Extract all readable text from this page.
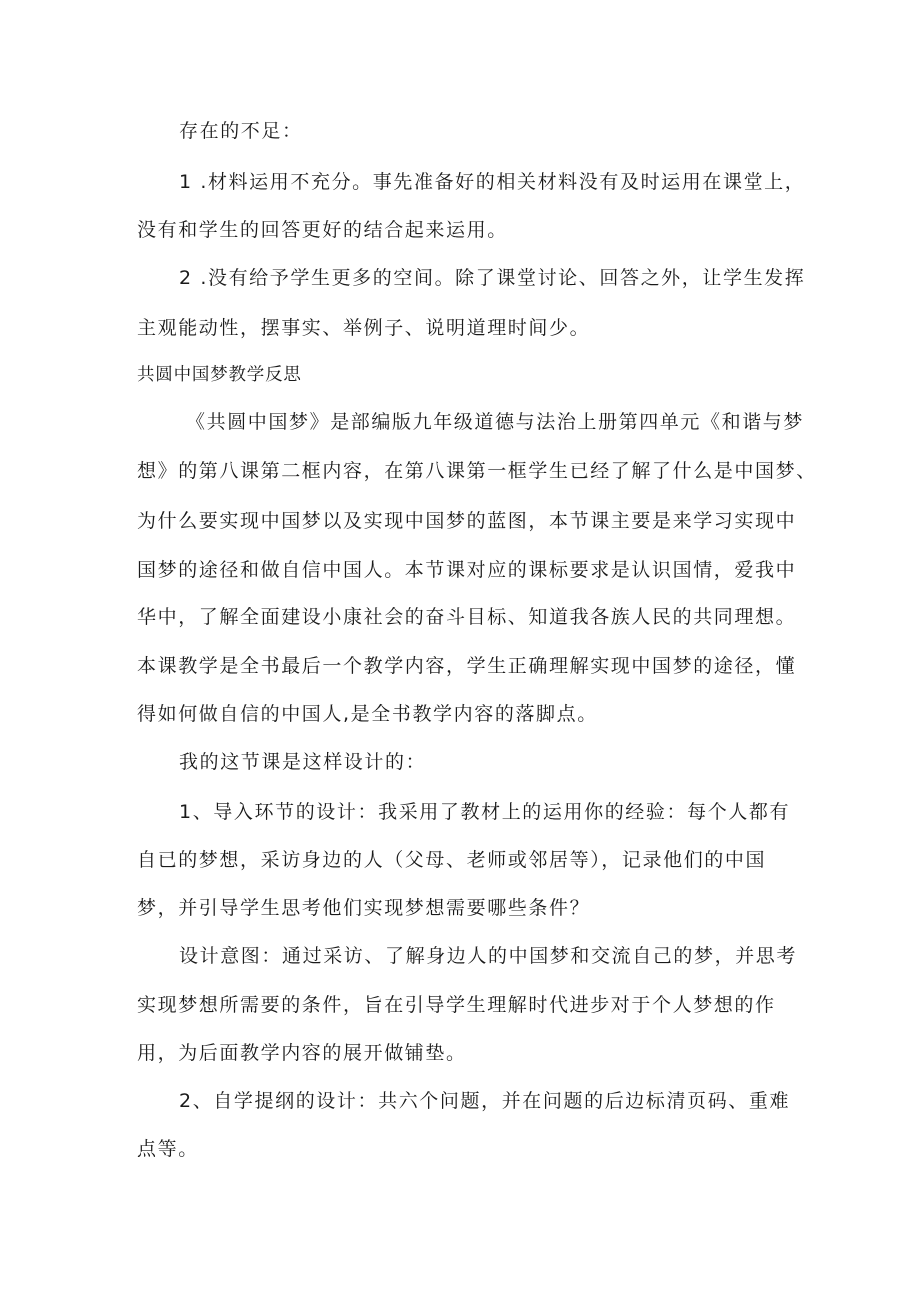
存在的不足：
1 .材料运用不充分。事先准备好的相关材料没有及时运用在课堂上，
没有和学生的回答更好的结合起来运用。
2 .没有给予学生更多的空间。除了课堂讨论、回答之外，让学生发挥
主观能动性，摆事实、举例子、说明道理时间少。
共圆中国梦教学反思
《共圆中国梦》是部编版九年级道德与法治上册第四单元《和谐与梦
想》的第八课第二框内容，在第八课第一框学生已经了解了什么是中国梦、
为什么要实现中国梦以及实现中国梦的蓝图，本节课主要是来学习实现中
国梦的途径和做自信中国人。本节课对应的课标要求是认识国情，爱我中
华中，了解全面建设小康社会的奋斗目标、知道我各族人民的共同理想。
本课教学是全书最后一个教学内容，学生正确理解实现中国梦的途径，懂
得如何做自信的中国人,是全书教学内容的落脚点。
我的这节课是这样设计的：
1、导入环节的设计：我采用了教材上的运用你的经验：每个人都有
自已的梦想，采访身边的人（父母、老师或邻居等），记录他们的中国
梦，并引导学生思考他们实现梦想需要哪些条件？
设计意图：通过采访、了解身边人的中国梦和交流自己的梦，并思考
实现梦想所需要的条件，旨在引导学生理解时代进步对于个人梦想的作
用，为后面教学内容的展开做铺垫。
2、自学提纲的设计：共六个问题，并在问题的后边标清页码、重难
点等。
